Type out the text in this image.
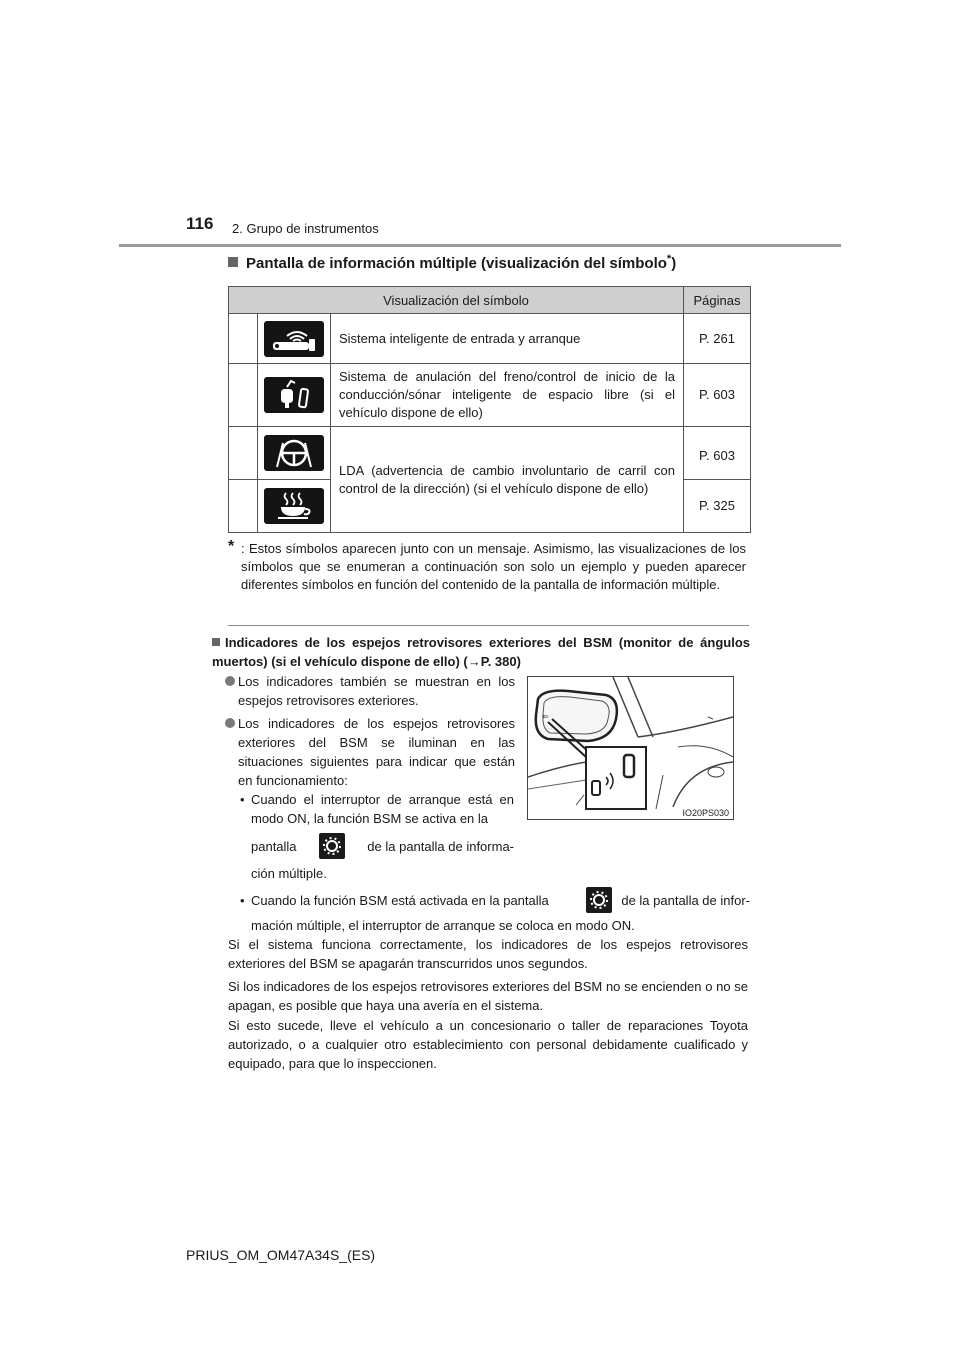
116 2. Grupo de instrumentos
Pantalla de información múltiple (visualización del símbolo*)
Visualización del símbolo			Páginas

	Sistema inteligente de entrada y arranque	P. 261

	Sistema de anulación del freno/control de inicio de la conducción/sónar inteligente de espacio libre (si el vehículo dispone de ello)	P. 603

	LDA (advertencia de cambio involuntario de carril con control de la dirección) (si el vehículo dispone de ello)	P. 603

	P. 325
* : Estos símbolos aparecen junto con un mensaje. Asimismo, las visualizaciones de los símbolos que se enumeran a continuación son solo un ejemplo y pueden aparecer diferentes símbolos en función del contenido de la pantalla de información múltiple.
Indicadores de los espejos retrovisores exteriores del BSM (monitor de ángulos muertos) (si el vehículo dispone de ello) (→P. 380)
Los indicadores también se muestran en los espejos retrovisores exteriores.
Los indicadores de los espejos retrovisores exteriores del BSM se iluminan en las situaciones siguientes para indicar que están en funcionamiento:
• Cuando el interruptor de arranque está en modo ON, la función BSM se activa en la
pantalla	de la pantalla de informa-
ción múltiple.
• Cuando la función BSM está activada en la pantalla	de la pantalla de infor-
mación múltiple, el interruptor de arranque se coloca en modo ON.
Si el sistema funciona correctamente, los indicadores de los espejos retrovisores exteriores del BSM se apagarán transcurridos unos segundos.
Si los indicadores de los espejos retrovisores exteriores del BSM no se encienden o no se apagan, es posible que haya una avería en el sistema.
Si esto sucede, lleve el vehículo a un concesionario o taller de reparaciones Toyota autorizado, o a cualquier otro establecimiento con personal debidamente cualificado y equipado, para que lo inspeccionen.
⇐
IO20PS030
PRIUS_OM_OM47A34S_(ES)
